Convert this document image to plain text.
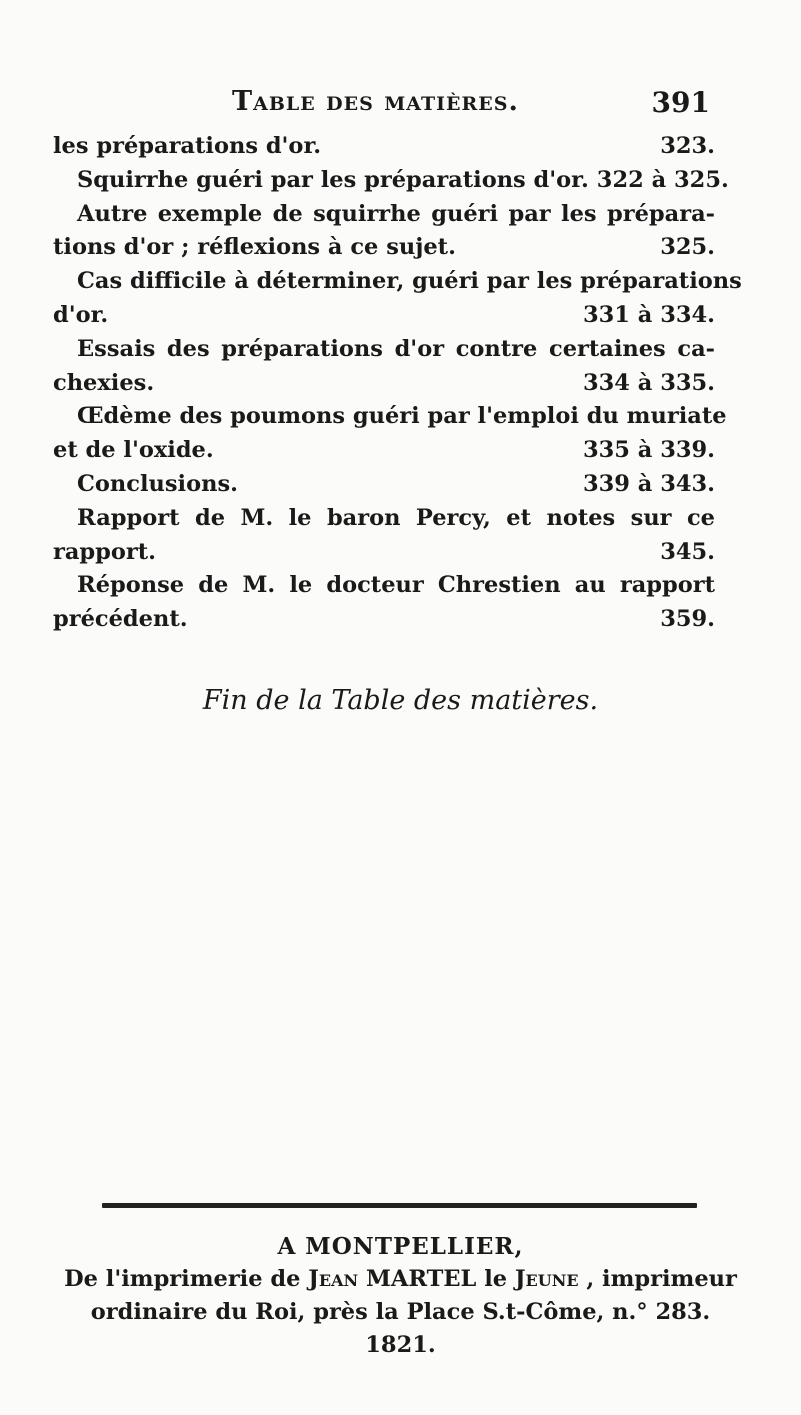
Table des matières.	391
les préparations d'or.	323.
Squirrhe guéri par les préparations d'or. 322 à 325.
Autre exemple de squirrhe guéri par les prépara-
tions d'or ; réflexions à ce sujet.	325.
Cas difficile à déterminer, guéri par les préparations
d'or.	331 à 334.
Essais des préparations d'or contre certaines ca-
chexies.	334 à 335.
Œdème des poumons guéri par l'emploi du muriate
et de l'oxide.	335 à 339.
Conclusions.	339 à 343.
Rapport de M. le baron Percy, et notes sur ce
rapport.	345.
Réponse de M. le docteur Chrestien au rapport
précédent.	359.
Fin de la Table des matières.
A MONTPELLIER,
De l'imprimerie de Jean MARTEL le Jeune , imprimeur
ordinaire du Roi, près la Place S.t-Côme, n.° 283.
1821.
